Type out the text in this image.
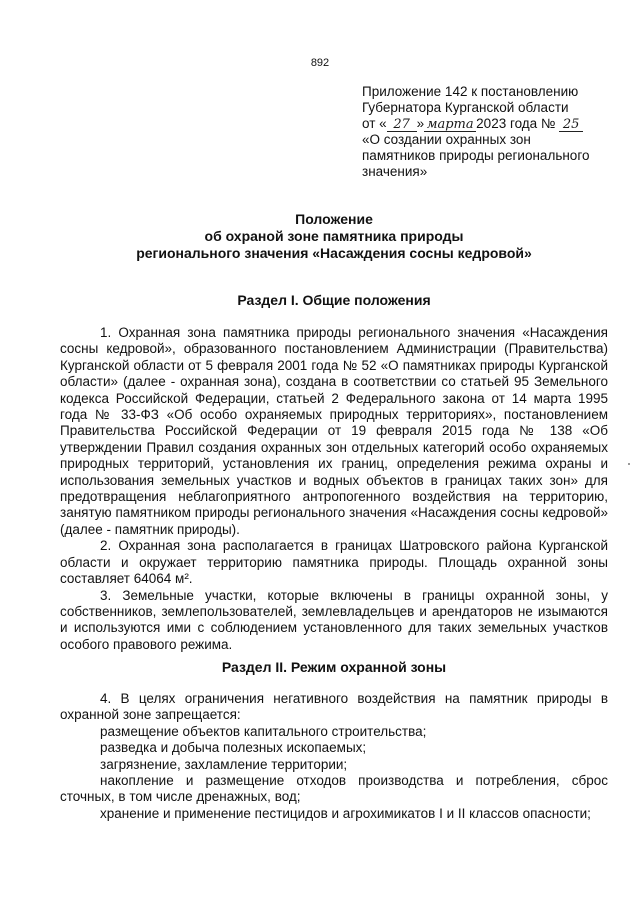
892
Приложение 142 к постановлению
Губернатора Курганской области
от « 27 » марта 2023 года № 25
«О создании охранных зон
памятников природы регионального
значения»
Положение
об охраной зоне памятника природы
регионального значения «Насаждения сосны кедровой»
Раздел I. Общие положения

1. Охранная зона памятника природы регионального значения «Насаждения сосны кедровой», образованного постановлением Администрации (Правительства) Курганской области от 5 февраля 2001 года № 52 «О памятниках природы Курганской области» (далее - охранная зона), создана в соответствии со статьей 95 Земельного кодекса Российской Федерации, статьей 2 Федерального закона от 14 марта 1995 года № 33-ФЗ «Об особо охраняемых природных территориях», постановлением Правительства Российской Федерации от 19 февраля 2015 года № 138 «Об утверждении Правил создания охранных зон отдельных категорий особо охраняемых природных территорий, установления их границ, определения режима охраны и использования земельных участков и водных объектов в границах таких зон» для предотвращения неблагоприятного антропогенного воздействия на территорию, занятую памятником природы регионального значения «Насаждения сосны кедровой» (далее - памятник природы).

2. Охранная зона располагается в границах Шатровского района Курганской области и окружает территорию памятника природы. Площадь охранной зоны составляет 64064 м².

3. Земельные участки, которые включены в границы охранной зоны, у собственников, землепользователей, землевладельцев и арендаторов не изымаются и используются ими с соблюдением установленного для таких земельных участков особого правового режима.

Раздел II. Режим охранной зоны

4. В целях ограничения негативного воздействия на памятник природы в охранной зоне запрещается:

размещение объектов капитального строительства;

разведка и добыча полезных ископаемых;

загрязнение, захламление территории;

накопление и размещение отходов производства и потребления, сброс сточных, в том числе дренажных, вод;

хранение и применение пестицидов и агрохимикатов I и II классов опасности;
